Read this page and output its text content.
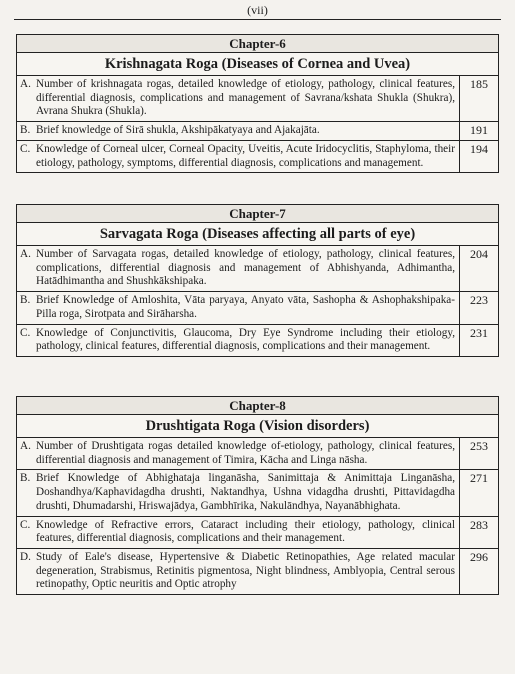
(vii)
Chapter-6
Krishnagata Roga (Diseases of Cornea and Uvea)
A. Number of krishnagata rogas, detailed knowledge of etiology, pathology, clinical features, differential diagnosis, complications and management of Savrana/kshata Shukla (Shukra), Avrana Shukra (Shukla).
185
B. Brief knowledge of Sirā shukla, Akshipākatyaya and Ajakajāta.	191
C. Knowledge of Corneal ulcer, Corneal Opacity, Uveitis, Acute Iridocyclitis, Staphyloma, their etiology, pathology, symptoms, differential diagnosis, complications and management.
194
Chapter-7
Sarvagata Roga (Diseases affecting all parts of eye)
A. Number of Sarvagata rogas, detailed knowledge of etiology, pathology, clinical features, complications, differential diagnosis and management of Abhishyanda, Adhimantha, Hatādhimantha and Shushkākshipaka.
204
B. Brief Knowledge of Amloshita, Vāta paryaya, Anyato vāta, Sashopha & Ashophakshipaka- Pilla roga, Sirotpata and Sirāharsha.
223
C. Knowledge of Conjunctivitis, Glaucoma, Dry Eye Syndrome including their etiology, pathology, clinical features, differential diagnosis, complications and their management.
231
Chapter-8
Drushtigata Roga (Vision disorders)
A. Number of Drushtigata rogas detailed knowledge of-etiology, pathology, clinical features, differential diagnosis and management of Timira, Kācha and Linga nāsha.
253
B. Brief Knowledge of Abhighataja linganāsha, Sanimittaja & Animittaja Linganāsha, Doshandhya/Kaphavidagdha drushti, Naktandhya, Ushna vidagdha drushti, Pittavidagdha drushti, Dhumadarshi, Hriswajādya, Gambhīrika, Nakulāndhya, Nayanābhighata.
271
C. Knowledge of Refractive errors, Cataract including their etiology, pathology, clinical features, differential diagnosis, complications and their management.
283
D. Study of Eale's disease, Hypertensive & Diabetic Retinopathies, Age related macular degeneration, Strabismus, Retinitis pigmentosa, Night blindness, Amblyopia, Central serous retinopathy, Optic neuritis and Optic atrophy
296
